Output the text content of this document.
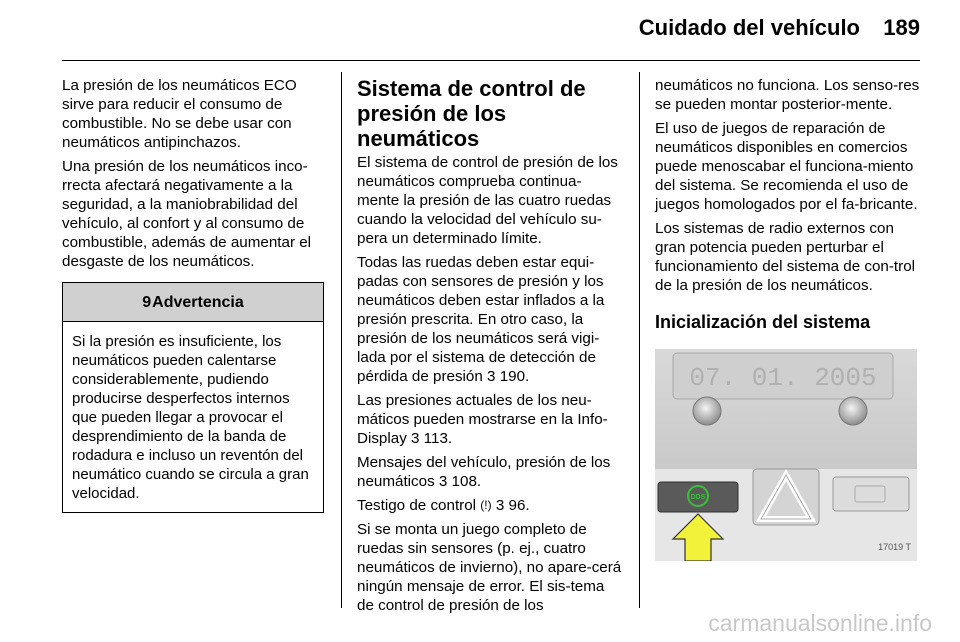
Cuidado del vehículo 189

La presión de los neumáticos ECO sirve para reducir el consumo de combustible. No se debe usar con neumáticos antipinchazos.

Una presión de los neumáticos inco-rrecta afectará negativamente a la seguridad, a la maniobrabilidad del vehículo, al confort y al consumo de combustible, además de aumentar el desgaste de los neumáticos.

9 Advertencia
Si la presión es insuficiente, los neumáticos pueden calentarse considerablemente, pudiendo producirse desperfectos internos que pueden llegar a provocar el desprendimiento de la banda de rodadura e incluso un reventón del neumático cuando se circula a gran velocidad.
Sistema de control de presión de los neumáticos

El sistema de control de presión de los neumáticos comprueba continua-mente la presión de las cuatro ruedas cuando la velocidad del vehículo su-pera un determinado límite.

Todas las ruedas deben estar equi-padas con sensores de presión y los neumáticos deben estar inflados a la presión prescrita. En otro caso, la presión de los neumáticos será vigi-lada por el sistema de detección de pérdida de presión 3 190.

Las presiones actuales de los neu-máticos pueden mostrarse en la Info-Display 3 113.

Mensajes del vehículo, presión de los neumáticos 3 108.

Testigo de control (!) 3 96.

Si se monta un juego completo de ruedas sin sensores (p. ej., cuatro neumáticos de invierno), no apare-cerá ningún mensaje de error. El sis-tema de control de presión de los

neumáticos no funciona. Los senso-res se pueden montar posterior-mente.

El uso de juegos de reparación de neumáticos disponibles en comercios puede menoscabar el funciona-miento del sistema. Se recomienda el uso de juegos homologados por el fa-bricante.

Los sistemas de radio externos con gran potencia pueden perturbar el funcionamiento del sistema de con-trol de la presión de los neumáticos.

Inicialización del sistema
07. 01. 2005
DDS
17019 T
carmanualsonline.info
